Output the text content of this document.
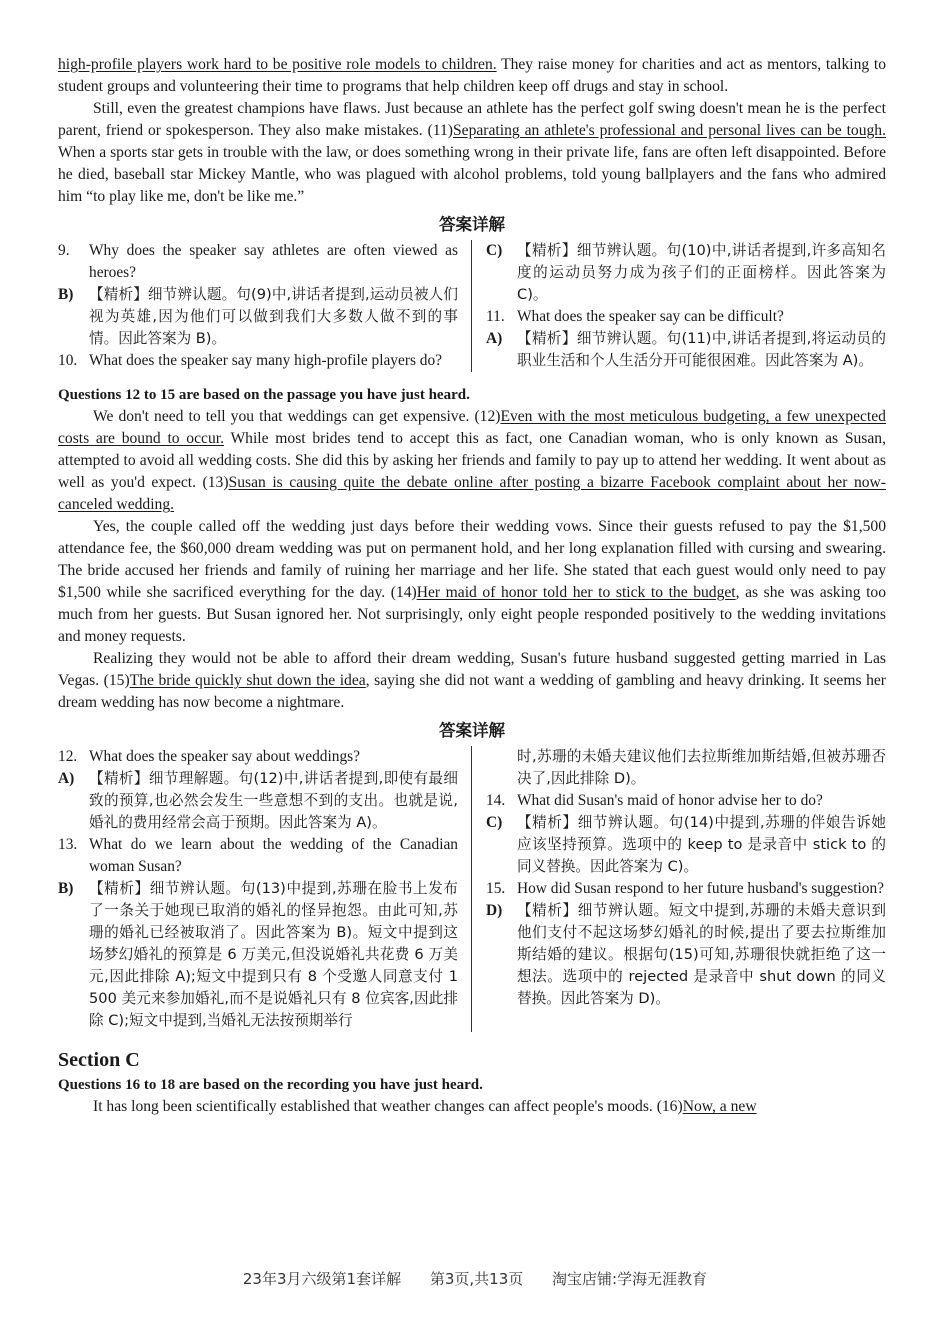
high-profile players work hard to be positive role models to children. They raise money for charities and act as mentors, talking to student groups and volunteering their time to programs that help children keep off drugs and stay in school.

Still, even the greatest champions have flaws. Just because an athlete has the perfect golf swing doesn't mean he is the perfect parent, friend or spokesperson. They also make mistakes. (11)Separating an athlete's professional and personal lives can be tough. When a sports star gets in trouble with the law, or does something wrong in their private life, fans are often left disappointed. Before he died, baseball star Mickey Mantle, who was plagued with alcohol problems, told young ballplayers and the fans who admired him “to play like me, don't be like me.”

答案详解
9.	Why does the speaker say athletes are often viewed as heroes?
B)	【精析】细节辨认题。句(9)中,讲话者提到,运动员被人们视为英雄,因为他们可以做到我们大多数人做不到的事情。因此答案为 B)。
10. What does the speaker say many high-profile players do?
C)	【精析】细节辨认题。句(10)中,讲话者提到,许多高知名度的运动员努力成为孩子们的正面榜样。因此答案为 C)。
11. What does the speaker say can be difficult?
A)	【精析】细节辨认题。句(11)中,讲话者提到,将运动员的职业生活和个人生活分开可能很困难。因此答案为 A)。
Questions 12 to 15 are based on the passage you have just heard.

We don't need to tell you that weddings can get expensive. (12)Even with the most meticulous budgeting, a few unexpected costs are bound to occur. While most brides tend to accept this as fact, one Canadian woman, who is only known as Susan, attempted to avoid all wedding costs. She did this by asking her friends and family to pay up to attend her wedding. It went about as well as you'd expect. (13)Susan is causing quite the debate online after posting a bizarre Facebook complaint about her now-canceled wedding.

Yes, the couple called off the wedding just days before their wedding vows. Since their guests refused to pay the $1,500 attendance fee, the $60,000 dream wedding was put on permanent hold, and her long explanation filled with cursing and swearing. The bride accused her friends and family of ruining her marriage and her life. She stated that each guest would only need to pay $1,500 while she sacrificed everything for the day. (14)Her maid of honor told her to stick to the budget, as she was asking too much from her guests. But Susan ignored her. Not surprisingly, only eight people responded positively to the wedding invitations and money requests.

Realizing they would not be able to afford their dream wedding, Susan's future husband suggested getting married in Las Vegas. (15)The bride quickly shut down the idea, saying she did not want a wedding of gambling and heavy drinking. It seems her dream wedding has now become a nightmare.

答案详解
12. What does the speaker say about weddings?
A)	【精析】细节理解题。句(12)中,讲话者提到,即使有最细致的预算,也必然会发生一些意想不到的支出。也就是说,婚礼的费用经常会高于预期。因此答案为 A)。
13. What do we learn about the wedding of the Canadian woman Susan?
B)	【精析】细节辨认题。句(13)中提到,苏珊在脸书上发布了一条关于她现已取消的婚礼的怪异抱怨。由此可知,苏珊的婚礼已经被取消了。因此答案为 B)。短文中提到这场梦幻婚礼的预算是 6 万美元,但没说婚礼共花费 6 万美元,因此排除 A);短文中提到只有 8 个受邀人同意支付 1 500 美元来参加婚礼,而不是说婚礼只有 8 位宾客,因此排除 C);短文中提到,当婚礼无法按预期举行
时,苏珊的未婚夫建议他们去拉斯维加斯结婚,但被苏珊否决了,因此排除 D)。
14. What did Susan's maid of honor advise her to do?
C)	【精析】细节辨认题。句(14)中提到,苏珊的伴娘告诉她应该坚持预算。选项中的 keep to 是录音中 stick to 的同义替换。因此答案为 C)。
15. How did Susan respond to her future husband's suggestion?
D)	【精析】细节辨认题。短文中提到,苏珊的未婚夫意识到他们支付不起这场梦幻婚礼的时候,提出了要去拉斯维加斯结婚的建议。根据句(15)可知,苏珊很快就拒绝了这一想法。选项中的 rejected 是录音中 shut down 的同义替换。因此答案为 D)。
Section C
Questions 16 to 18 are based on the recording you have just heard.

It has long been scientifically established that weather changes can affect people's moods. (16)Now, a new

23年3月六级第1套详解 第3页,共13页 淘宝店铺:学海无涯教育
